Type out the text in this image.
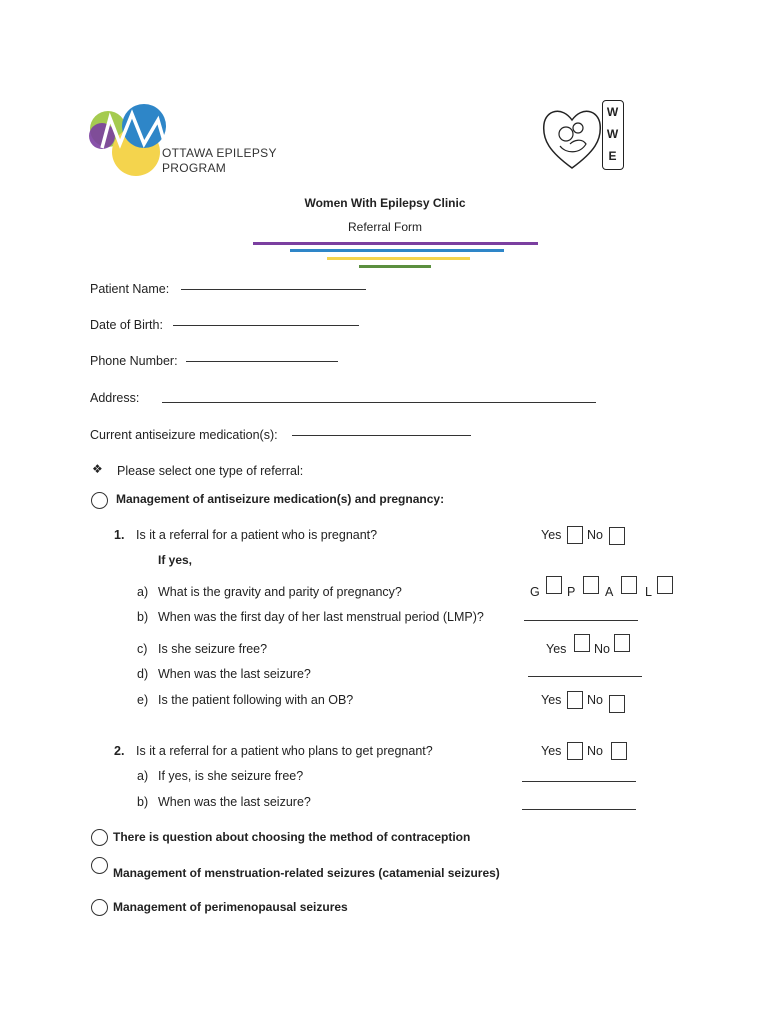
OTTAWA EPILEPSY
PROGRAM
W
W
E
Women With Epilepsy Clinic
Referral Form
Patient Name:
Date of Birth:
Phone Number:
Address:
Current antiseizure medication(s):
❖ Please select one type of referral:
Management of antiseizure medication(s) and pregnancy:
1. Is it a referral for a patient who is pregnant?	Yes No
If yes,
a) What is the gravity and parity of pregnancy?	G P A	L
b) When was the first day of her last menstrual period (LMP)?
c) Is she seizure free?	Yes No
d) When was the last seizure?
e) Is the patient following with an OB?	Yes No
2. Is it a referral for a patient who plans to get pregnant?	Yes No
a) If yes, is she seizure free?
b) When was the last seizure?
There is question about choosing the method of contraception
Management of menstruation-related seizures (catamenial seizures)
Management of perimenopausal seizures
